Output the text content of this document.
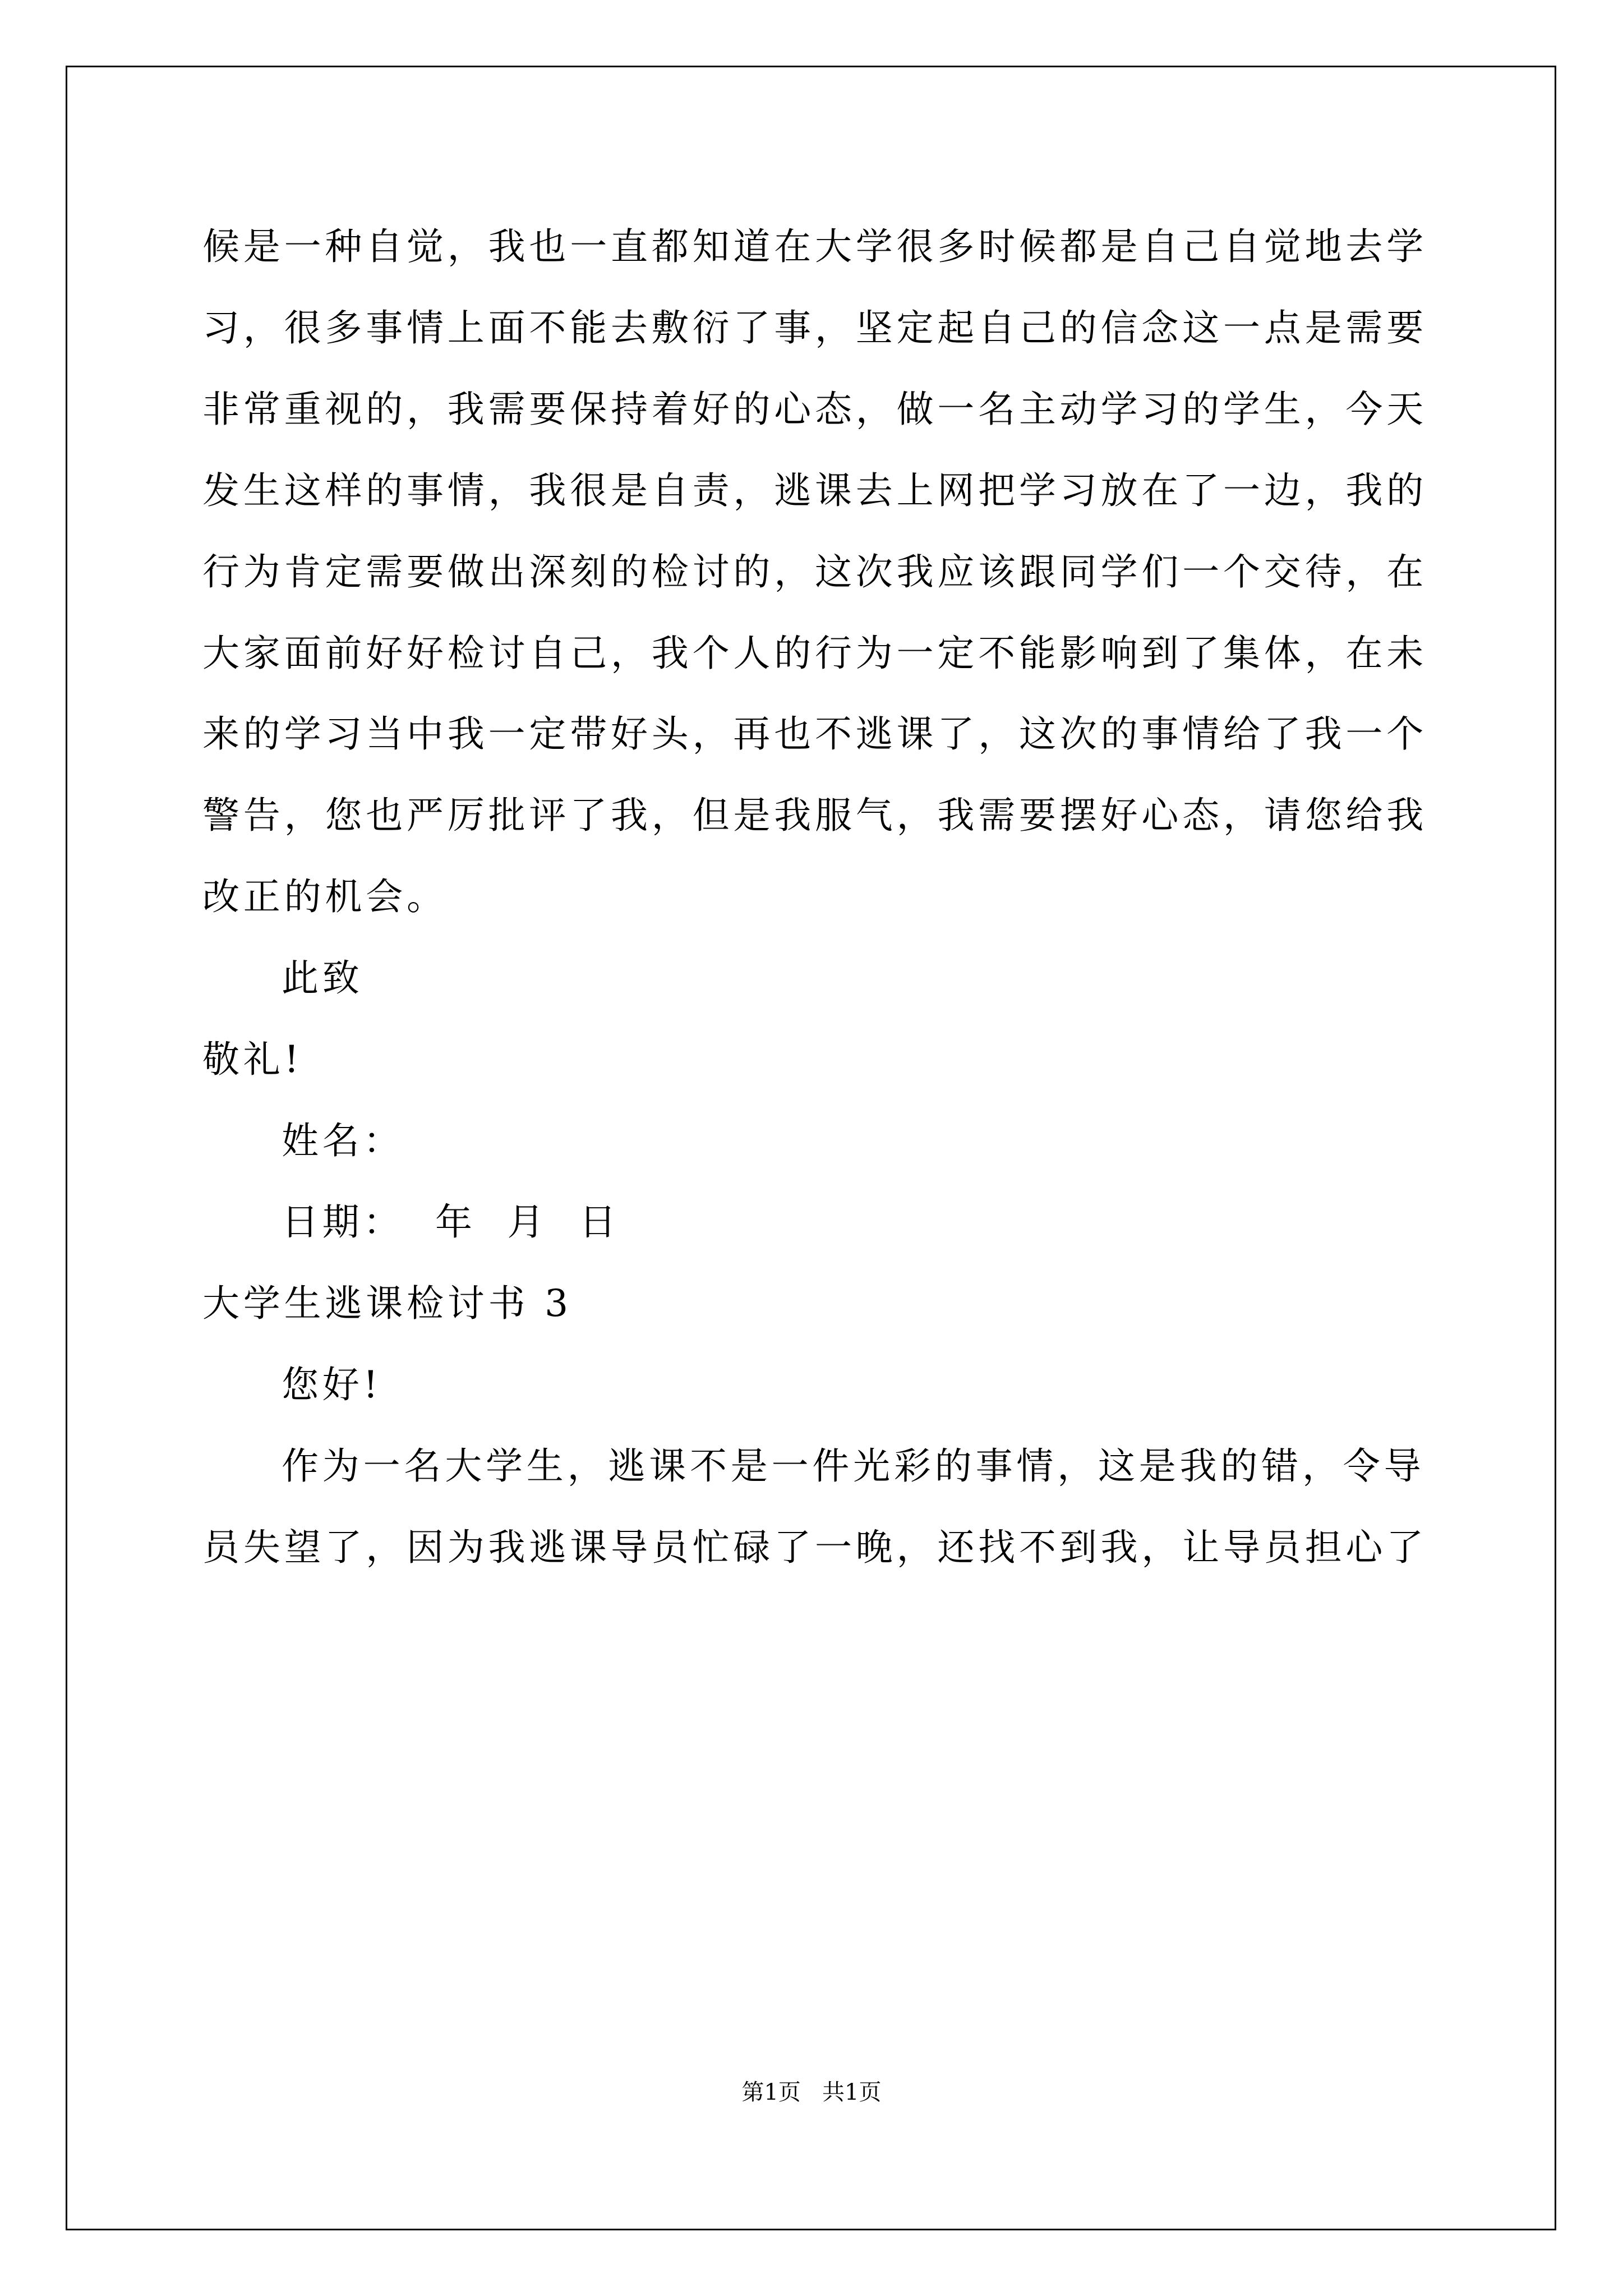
候是一种自觉，我也一直都知道在大学很多时候都是自己自觉地去学
习，很多事情上面不能去敷衍了事，坚定起自己的信念这一点是需要
非常重视的，我需要保持着好的心态，做一名主动学习的学生，今天
发生这样的事情，我很是自责，逃课去上网把学习放在了一边，我的
行为肯定需要做出深刻的检讨的，这次我应该跟同学们一个交待，在
大家面前好好检讨自己，我个人的行为一定不能影响到了集体，在未
来的学习当中我一定带好头，再也不逃课了，这次的事情给了我一个
警告，您也严厉批评了我，但是我服气，我需要摆好心态，请您给我
改正的机会。
此致
敬礼!
姓名：
日期：  年  月  日
大学生逃课检讨书 3
您好!
作为一名大学生，逃课不是一件光彩的事情，这是我的错，令导
员失望了，因为我逃课导员忙碌了一晚，还找不到我，让导员担心了
第1页   共1页
